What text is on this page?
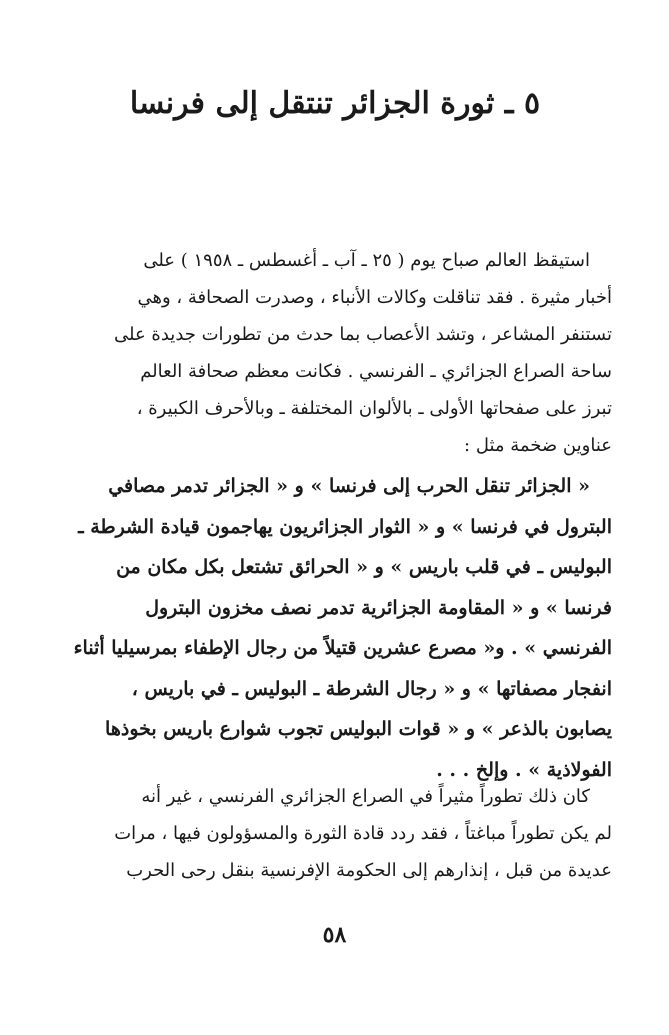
٥ ـ ثورة الجزائر تنتقل إلى فرنسا
استيقظ العالم صباح يوم ( ٢٥ ـ آب ـ أغسطس ـ ١٩٥٨ ) على
أخبار مثيرة . فقد تناقلت وكالات الأنباء ، وصدرت الصحافة ، وهي
تستنفر المشاعر ، وتشد الأعصاب بما حدث من تطورات جديدة على
ساحة الصراع الجزائري ـ الفرنسي . فكانت معظم صحافة العالم
تبرز على صفحاتها الأولى ـ بالألوان المختلفة ـ وبالأحرف الكبيرة ،
عناوين ضخمة مثل :
« الجزائر تنقل الحرب إلى فرنسا » و « الجزائر تدمر مصافي
البترول في فرنسا » و « الثوار الجزائريون يهاجمون قيادة الشرطة ـ
البوليس ـ في قلب باريس » و « الحرائق تشتعل بكل مكان من
فرنسا » و « المقاومة الجزائرية تدمر نصف مخزون البترول
الفرنسي » . و« مصرع عشرين قتيلاً من رجال الإطفاء بمرسيليا أثناء
انفجار مصفاتها » و « رجال الشرطة ـ البوليس ـ في باريس ،
يصابون بالذعر » و « قوات البوليس تجوب شوارع باريس بخوذها
الفولاذية » . وإلخ . . .
كان ذلك تطوراً مثيراً في الصراع الجزائري الفرنسي ، غير أنه
لم يكن تطوراً مباغتاً ، فقد ردد قادة الثورة والمسؤولون فيها ، مرات
عديدة من قبل ، إنذارهم إلى الحكومة الإفرنسية بنقل رحى الحرب
٥٨
